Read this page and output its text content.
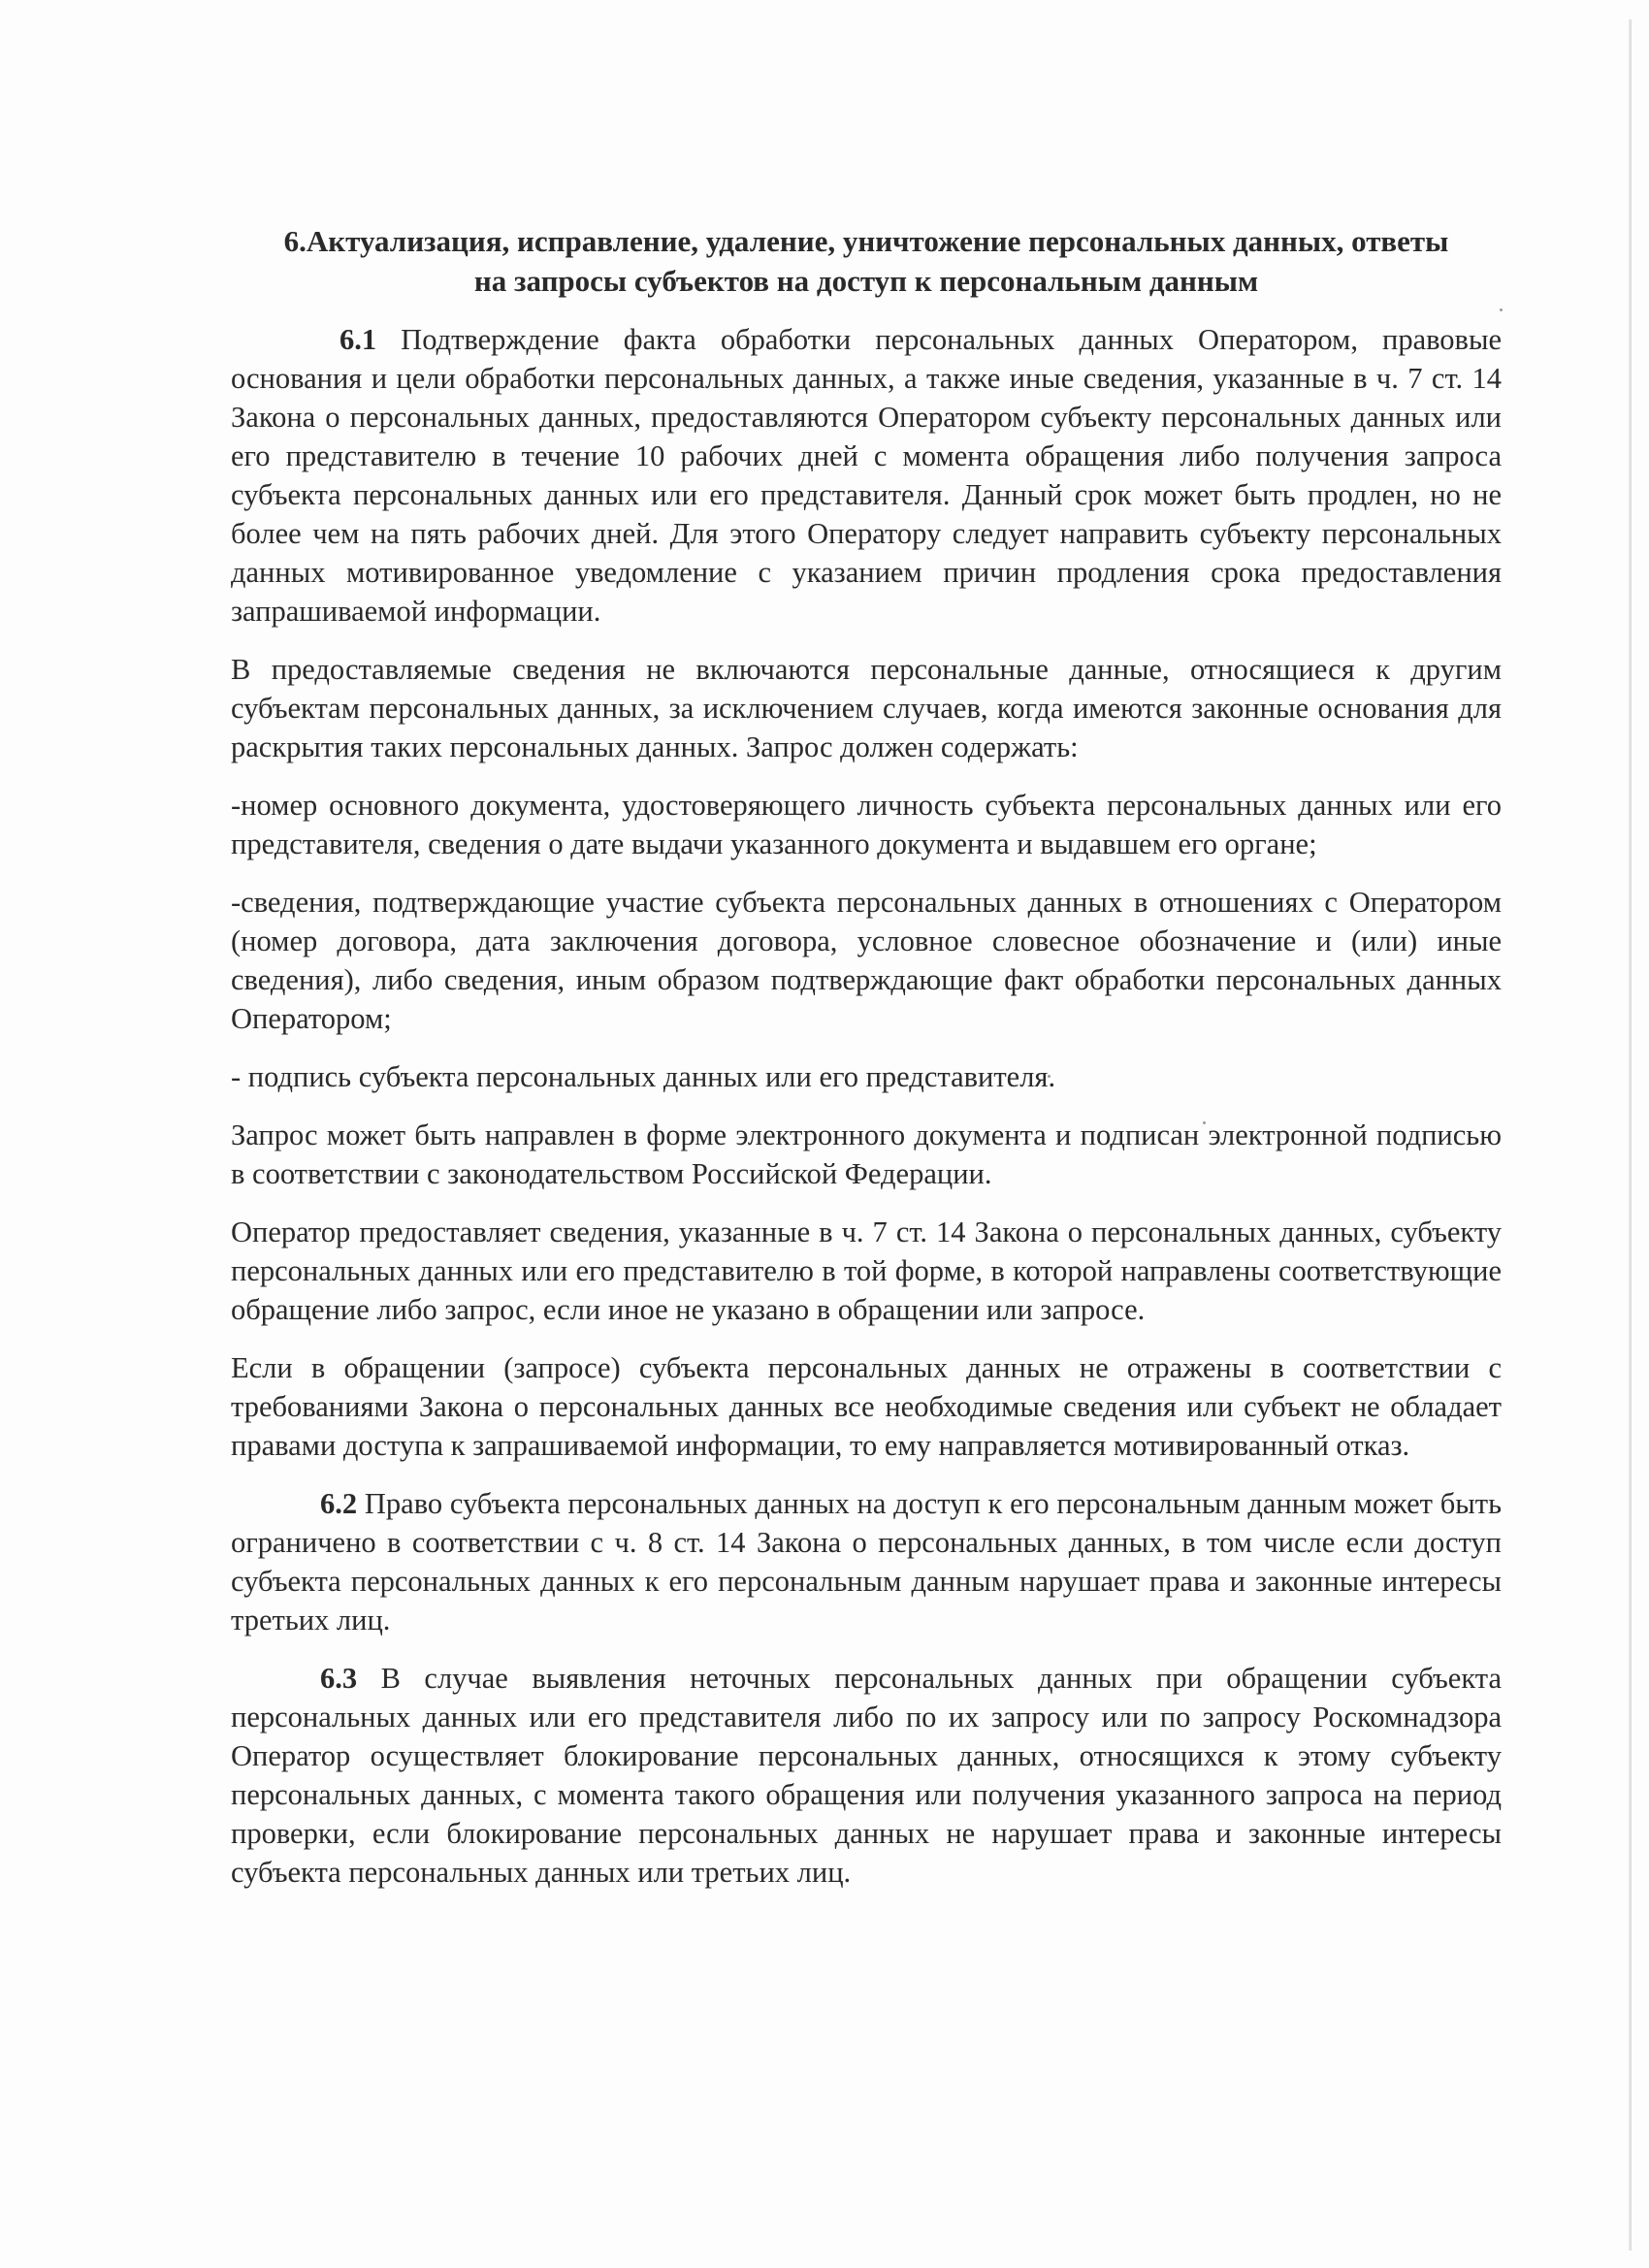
6.Актуализация, исправление, удаление, уничтожение персональных данных, ответы
на запросы субъектов на доступ к персональным данным

6.1 Подтверждение факта обработки персональных данных Оператором, правовые основания и цели обработки персональных данных, а также иные сведения, указанные в ч. 7 ст. 14 Закона о персональных данных, предоставляются Оператором субъекту персональных данных или его представителю в течение 10 рабочих дней с момента обращения либо получения запроса субъекта персональных данных или его представителя. Данный срок может быть продлен, но не более чем на пять рабочих дней. Для этого Оператору следует направить субъекту персональных данных мотивированное уведомление с указанием причин продления срока предоставления запрашиваемой информации.

В предоставляемые сведения не включаются персональные данные, относящиеся к другим субъектам персональных данных, за исключением случаев, когда имеются законные основания для раскрытия таких персональных данных. Запрос должен содержать:

-номер основного документа, удостоверяющего личность субъекта персональных данных или его представителя, сведения о дате выдачи указанного документа и выдавшем его органе;

-сведения, подтверждающие участие субъекта персональных данных в отношениях с Оператором (номер договора, дата заключения договора, условное словесное обозначение и (или) иные сведения), либо сведения, иным образом подтверждающие факт обработки персональных данных Оператором;

- подпись субъекта персональных данных или его представителя.

Запрос может быть направлен в форме электронного документа и подписан электронной подписью в соответствии с законодательством Российской Федерации.

Оператор предоставляет сведения, указанные в ч. 7 ст. 14 Закона о персональных данных, субъекту персональных данных или его представителю в той форме, в которой направлены соответствующие обращение либо запрос, если иное не указано в обращении или запросе.

Если в обращении (запросе) субъекта персональных данных не отражены в соответствии с требованиями Закона о персональных данных все необходимые сведения или субъект не обладает правами доступа к запрашиваемой информации, то ему направляется мотивированный отказ.

6.2 Право субъекта персональных данных на доступ к его персональным данным может быть ограничено в соответствии с ч. 8 ст. 14 Закона о персональных данных, в том числе если доступ субъекта персональных данных к его персональным данным нарушает права и законные интересы третьих лиц.

6.3 В случае выявления неточных персональных данных при обращении субъекта персональных данных или его представителя либо по их запросу или по запросу Роскомнадзора Оператор осуществляет блокирование персональных данных, относящихся к этому субъекту персональных данных, с момента такого обращения или получения указанного запроса на период проверки, если блокирование персональных данных не нарушает права и законные интересы субъекта персональных данных или третьих лиц.
